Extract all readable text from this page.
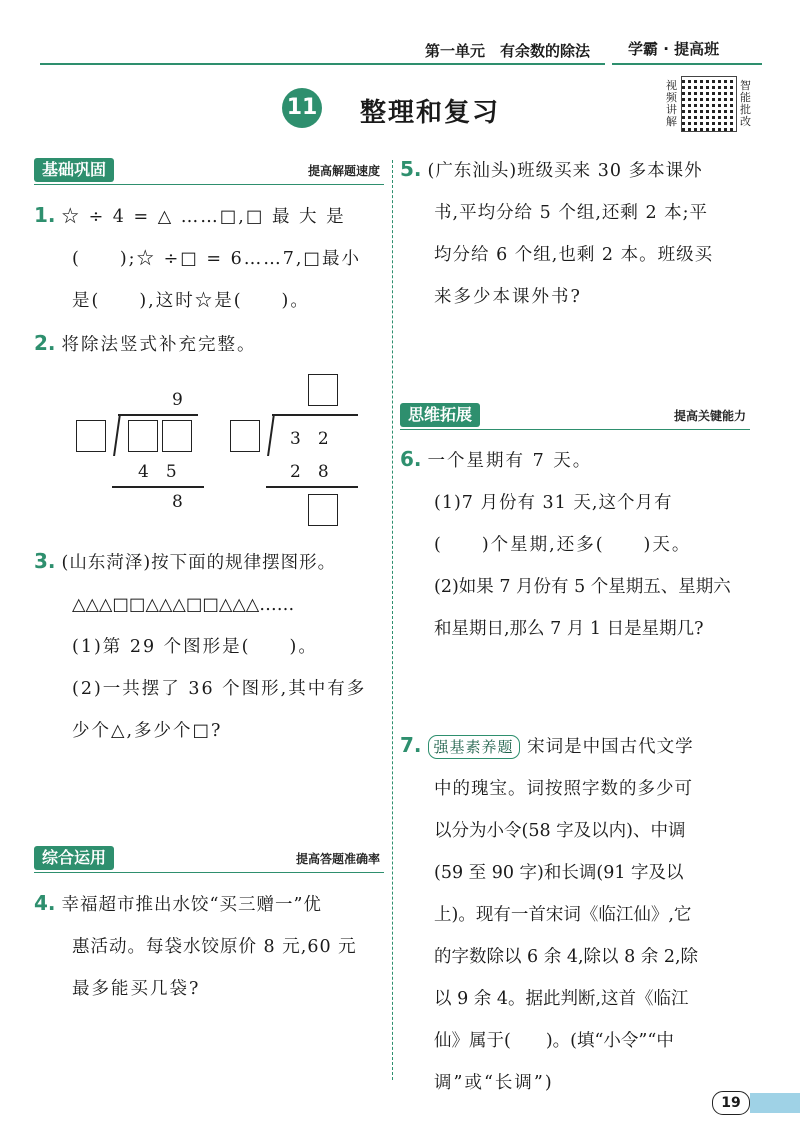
第一单元　有余数的除法	学霸 · 提高班
11 整理和复习
视频讲解
智能批改
基础巩固	提高解题速度
1. ☆ ÷ 4 = △ ……□,□ 最 大 是
(　　);☆ ÷□ = 6……7,□最小
是(　　),这时☆是(　　)。
2. 将除法竖式补充完整。
9
4　5
8
3　2
2　8
3. (山东菏泽)按下面的规律摆图形。
△△△□□△△△□□△△△……
(1)第 29 个图形是(　　)。
(2)一共摆了 36 个图形,其中有多
少个△,多少个□?
综合运用	提高答题准确率
4. 幸福超市推出水饺“买三赠一”优
惠活动。每袋水饺原价 8 元,60 元
最多能买几袋?
5. (广东汕头)班级买来 30 多本课外
书,平均分给 5 个组,还剩 2 本;平
均分给 6 个组,也剩 2 本。班级买
来多少本课外书?
思维拓展	提高关键能力
6. 一个星期有 7 天。
(1)7 月份有 31 天,这个月有
(　　)个星期,还多(　　)天。
(2)如果 7 月份有 5 个星期五、星期六
和星期日,那么 7 月 1 日是星期几?
7. 强基素养题 宋词是中国古代文学
中的瑰宝。词按照字数的多少可
以分为小令(58 字及以内)、中调
(59 至 90 字)和长调(91 字及以
上)。现有一首宋词《临江仙》,它
的字数除以 6 余 4,除以 8 余 2,除
以 9 余 4。据此判断,这首《临江
仙》属于(　　)。(填“小令”“中
调”或“长调”)
19
